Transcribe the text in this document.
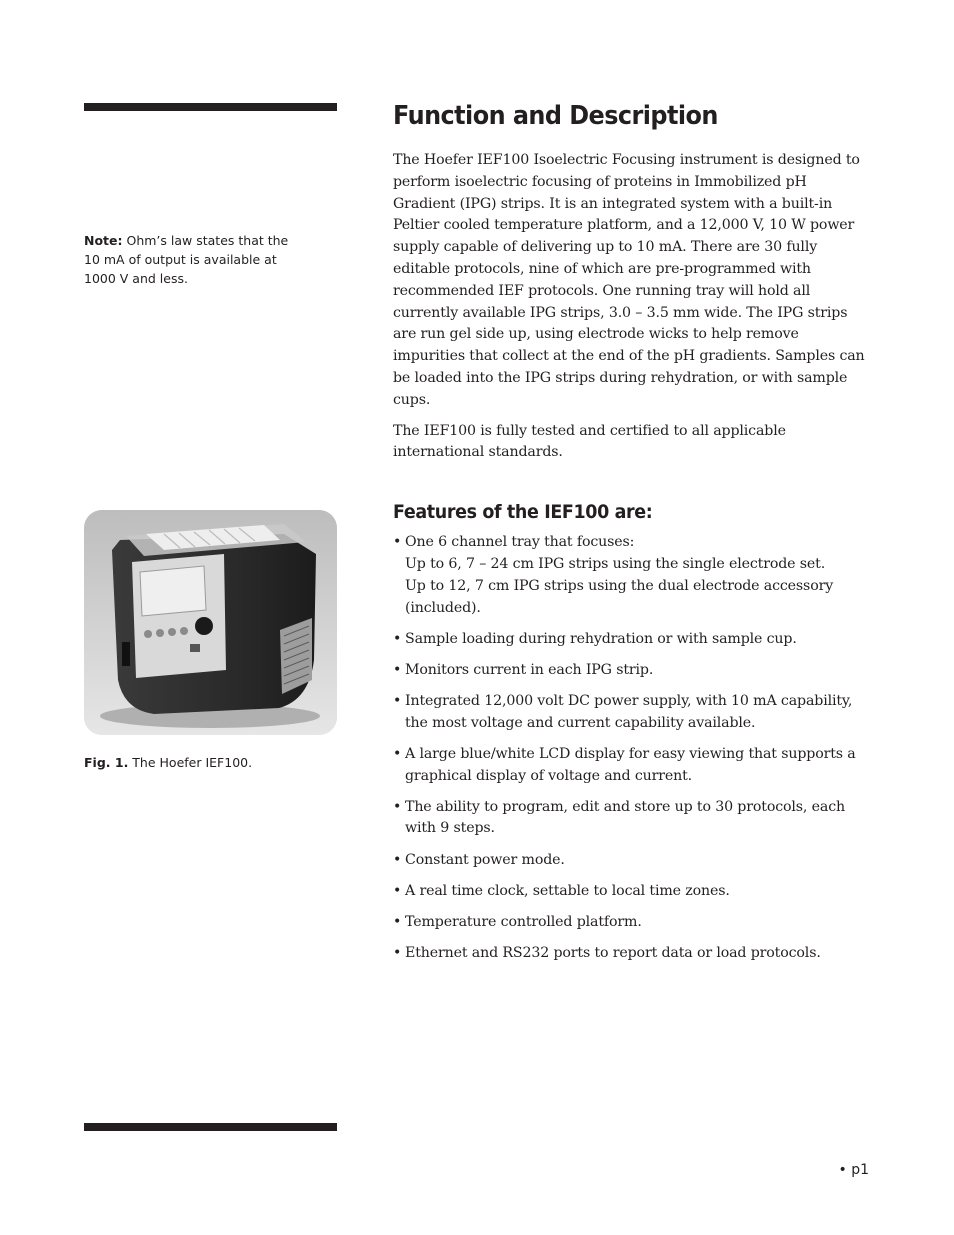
Note: Ohm’s law states that the 10 mA of output is available at 1000 V and less.
Fig. 1. The Hoefer IEF100.
Function and Description

The Hoefer IEF100 Isoelectric Focusing instrument is designed to perform isoelectric focusing of proteins in Immobilized pH Gradient (IPG) strips. It is an integrated system with a built-in Peltier cooled temperature platform, and a 12,000 V, 10 W power supply capable of delivering up to 10 mA. There are 30 fully editable protocols, nine of which are pre-programmed with recommended IEF protocols. One running tray will hold all currently available IPG strips, 3.0 – 3.5 mm wide. The IPG strips are run gel side up, using electrode wicks to help remove impurities that collect at the end of the pH gradients. Samples can be loaded into the IPG strips during rehydration, or with sample cups.

The IEF100 is fully tested and certified to all applicable international standards.

Features of the IEF100 are:
• One 6 channel tray that focuses:
Up to 6, 7 – 24 cm IPG strips using the single electrode set.
Up to 12, 7 cm IPG strips using the dual electrode accessory (included).
• Sample loading during rehydration or with sample cup.
• Monitors current in each IPG strip.
• Integrated 12,000 volt DC power supply, with 10 mA capability, the most voltage and current capability available.
• A large blue/white LCD display for easy viewing that supports a graphical display of voltage and current.
• The ability to program, edit and store up to 30 protocols, each with 9 steps.
• Constant power mode.
• A real time clock, settable to local time zones.
• Temperature controlled platform.
• Ethernet and RS232 ports to report data or load protocols.
• p1
